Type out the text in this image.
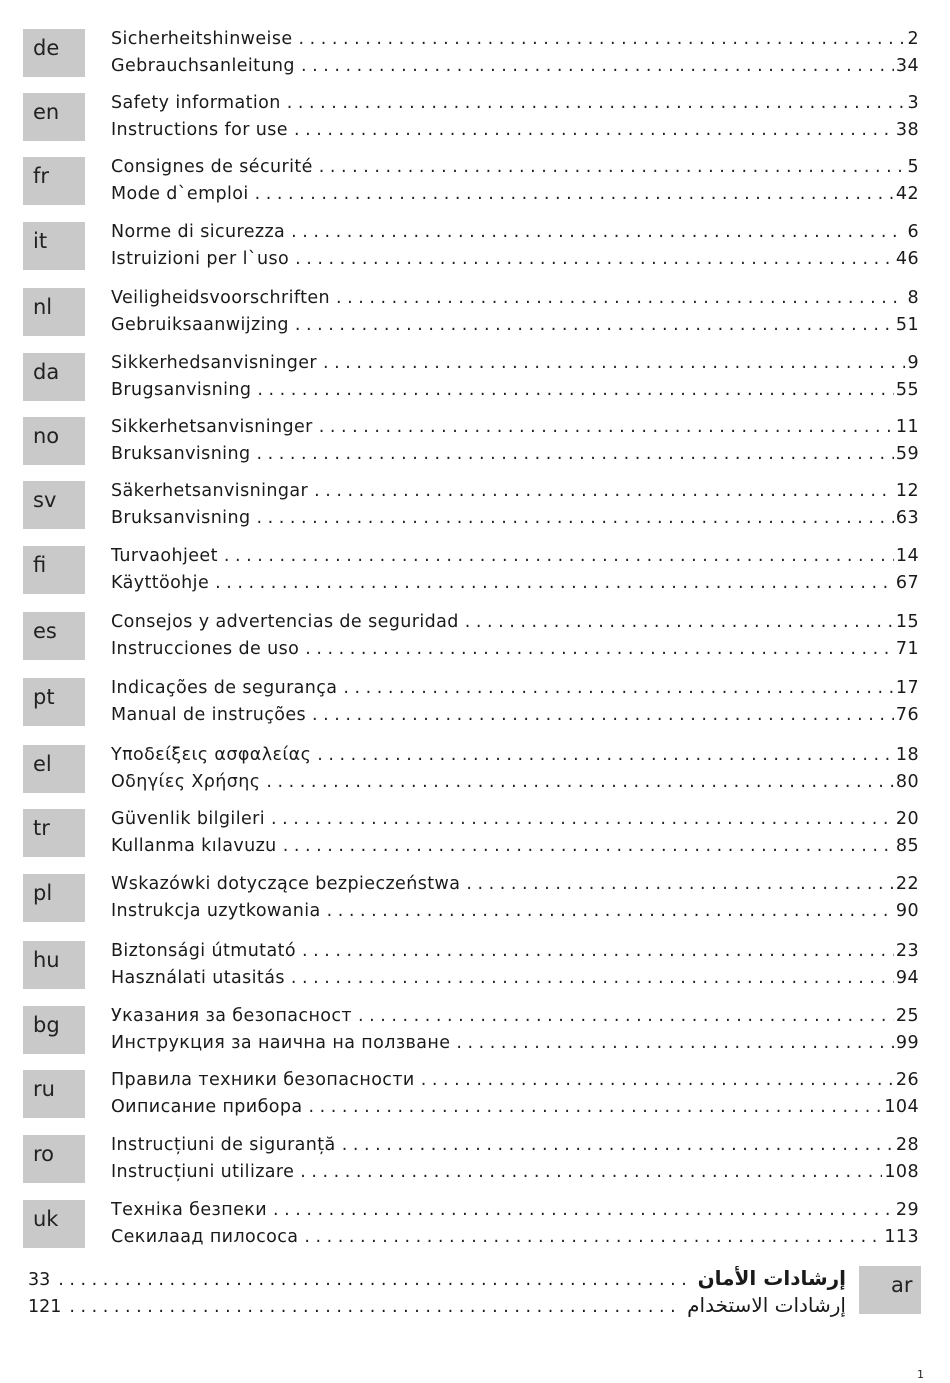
de	Sicherheitshinweise . . .	2
Gebrauchsanleitung . . .	34
en	Safety information . . .	3
Instructions for use . . .	38
fr	Consignes de sécurité . . .	5
Mode d`emploi . . .	42
it	Norme di sicurezza . . .	6
Istruizioni per l`uso . . .	46
nl	Veiligheidsvoorschriften . . .	8
Gebruiksaanwijzing . . .	51
da	Sikkerhedsanvisninger . . .	9
Brugsanvisning . . .	55
no	Sikkerhetsanvisninger . . .	11
Bruksanvisning . . .	59
sv	Säkerhetsanvisningar . . .	12
Bruksanvisning . . .	63
fi	Turvaohjeet . . .	14
Käyttöohje . . .	67
es	Consejos y advertencias de seguridad . . .	15
Instrucciones de uso . . .	71
pt	Indicações de segurança . . .	17
Manual de instruções . . .	76
el	Υποδείξεις ασφαλείας . . .	18
Οδηγίες Χρήσης . . .	80
tr	Güvenlik bilgileri . . .	20
Kullanma kılavuzu . . .	85
pl	Wskazówki dotyczące bezpieczeństwa . . .	22
Instrukcja uzytkowania . . .	90
hu	Biztonsági útmutató . . .	23
Használati utasitás . . .	94
bg	Указания за безопасност . . .	25
Инструкция за наична на ползване . . .	99
ru	Правила техники безопасности . . .	26
Оиписание прибора . . .	104
ro	Instrucțiuni de siguranță . . .	28
Instrucțiuni utilizare . . .	108
uk	Техніка безпеки . . .	29
Секилаад пилососа . . .	113
ar
33 . . .	إرشادات الأمان
121 . . .	إرشادات الاستخدام
1
